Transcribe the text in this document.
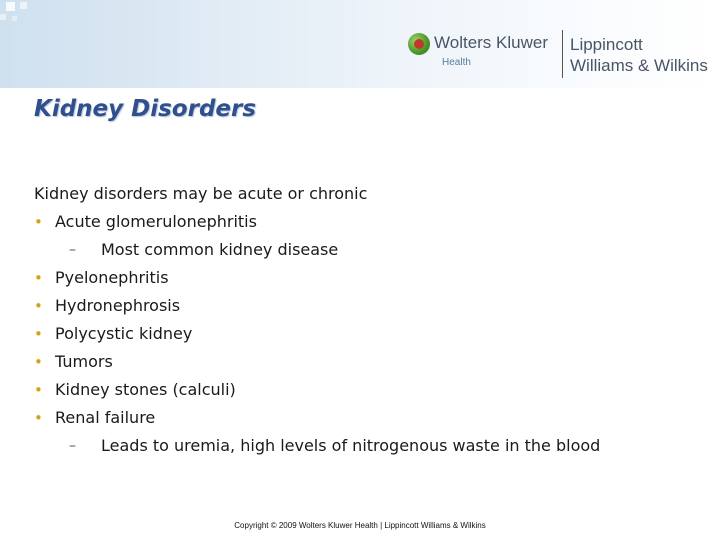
Wolters Kluwer
Health
Lippincott
Williams & Wilkins
Kidney Disorders
Kidney disorders may be acute or chronic
• Acute glomerulonephritis
– Most common kidney disease
• Pyelonephritis
• Hydronephrosis
• Polycystic kidney
• Tumors
• Kidney stones (calculi)
• Renal failure
– Leads to uremia, high levels of nitrogenous waste in the blood
Copyright © 2009 Wolters Kluwer Health | Lippincott Williams & Wilkins
